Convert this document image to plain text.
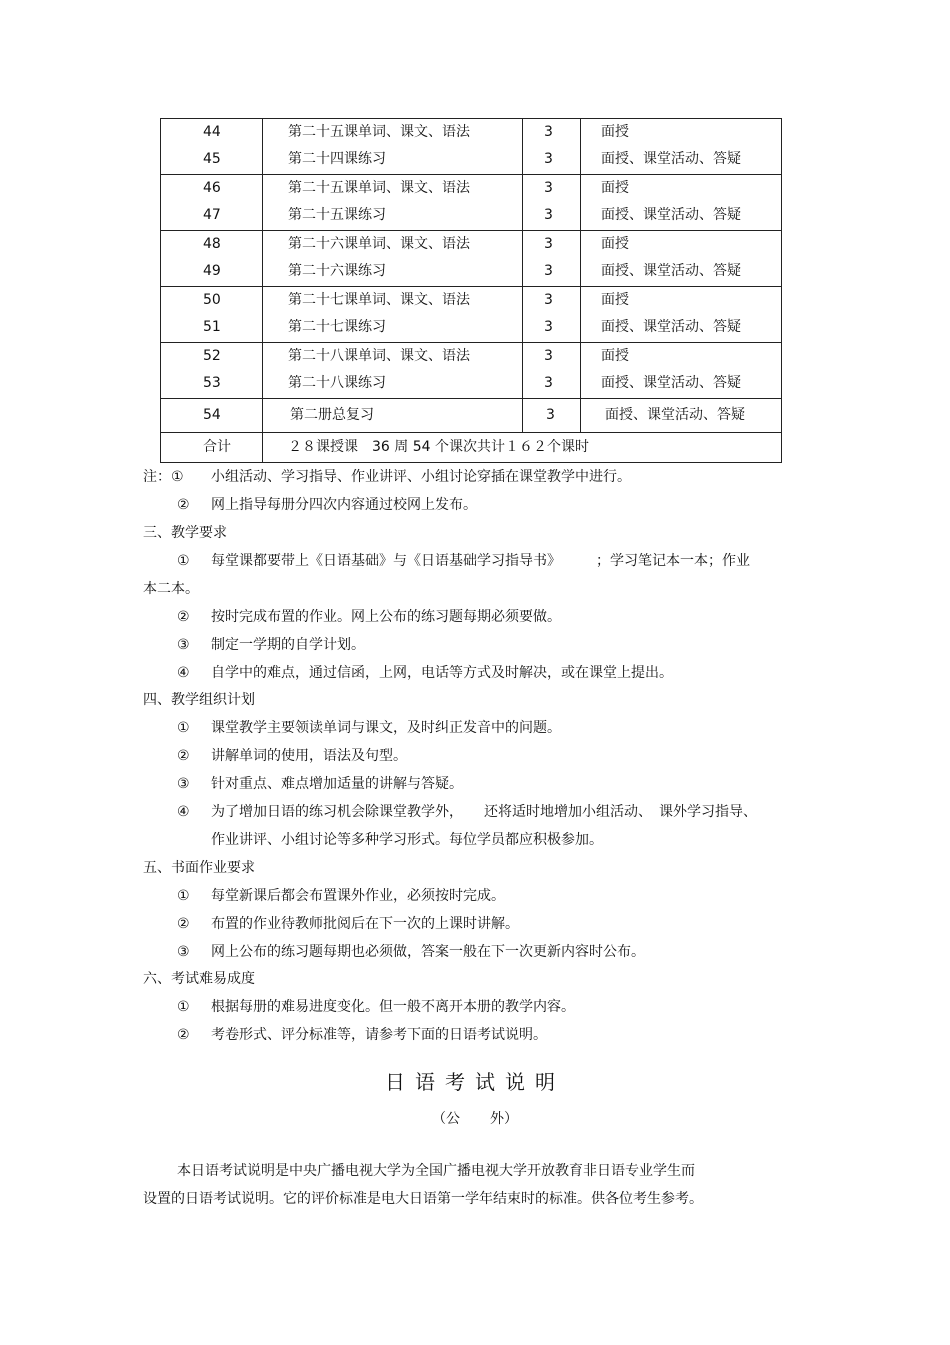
44	第二十五课单词、课文、语法	3	面授
45	第二十四课练习	3	面授、课堂活动、答疑
46	第二十五课单词、课文、语法	3	面授
47	第二十五课练习	3	面授、课堂活动、答疑
48	第二十六课单词、课文、语法	3	面授
49	第二十六课练习	3	面授、课堂活动、答疑
50	第二十七课单词、课文、语法	3	面授
51	第二十七课练习	3	面授、课堂活动、答疑
52	第二十八课单词、课文、语法	3	面授
53	第二十八课练习	3	面授、课堂活动、答疑
54	第二册总复习	3	面授、课堂活动、答疑
合计	２８课授课　36 周 54 个课次共计１６２个课时
注：① 小组活动、学习指导、作业讲评、小组讨论穿插在课堂教学中进行。
② 网上指导每册分四次内容通过校网上发布。
三、教学要求
① 每堂课都要带上《日语基础》与《日语基础学习指导书》　　　；学习笔记本一本；作业
本二本。
② 按时完成布置的作业。网上公布的练习题每期必须要做。
③ 制定一学期的自学计划。
④ 自学中的难点，通过信函，上网，电话等方式及时解决，或在课堂上提出。
四、教学组织计划
① 课堂教学主要领读单词与课文，及时纠正发音中的问题。
② 讲解单词的使用，语法及句型。
③ 针对重点、难点增加适量的讲解与答疑。
④ 为了增加日语的练习机会除课堂教学外，　　还将适时地增加小组活动、　课外学习指导、
作业讲评、小组讨论等多种学习形式。每位学员都应积极参加。
五、书面作业要求
① 每堂新课后都会布置课外作业，必须按时完成。
② 布置的作业待教师批阅后在下一次的上课时讲解。
③ 网上公布的练习题每期也必须做，答案一般在下一次更新内容时公布。
六、考试难易成度
① 根据每册的难易进度变化。但一般不离开本册的教学内容。
② 考卷形式、评分标准等，请参考下面的日语考试说明。
日语考试说明
（公 外）
本日语考试说明是中央广播电视大学为全国广播电视大学开放教育非日语专业学生而
设置的日语考试说明。它的评价标准是电大日语第一学年结束时的标准。供各位考生参考。
